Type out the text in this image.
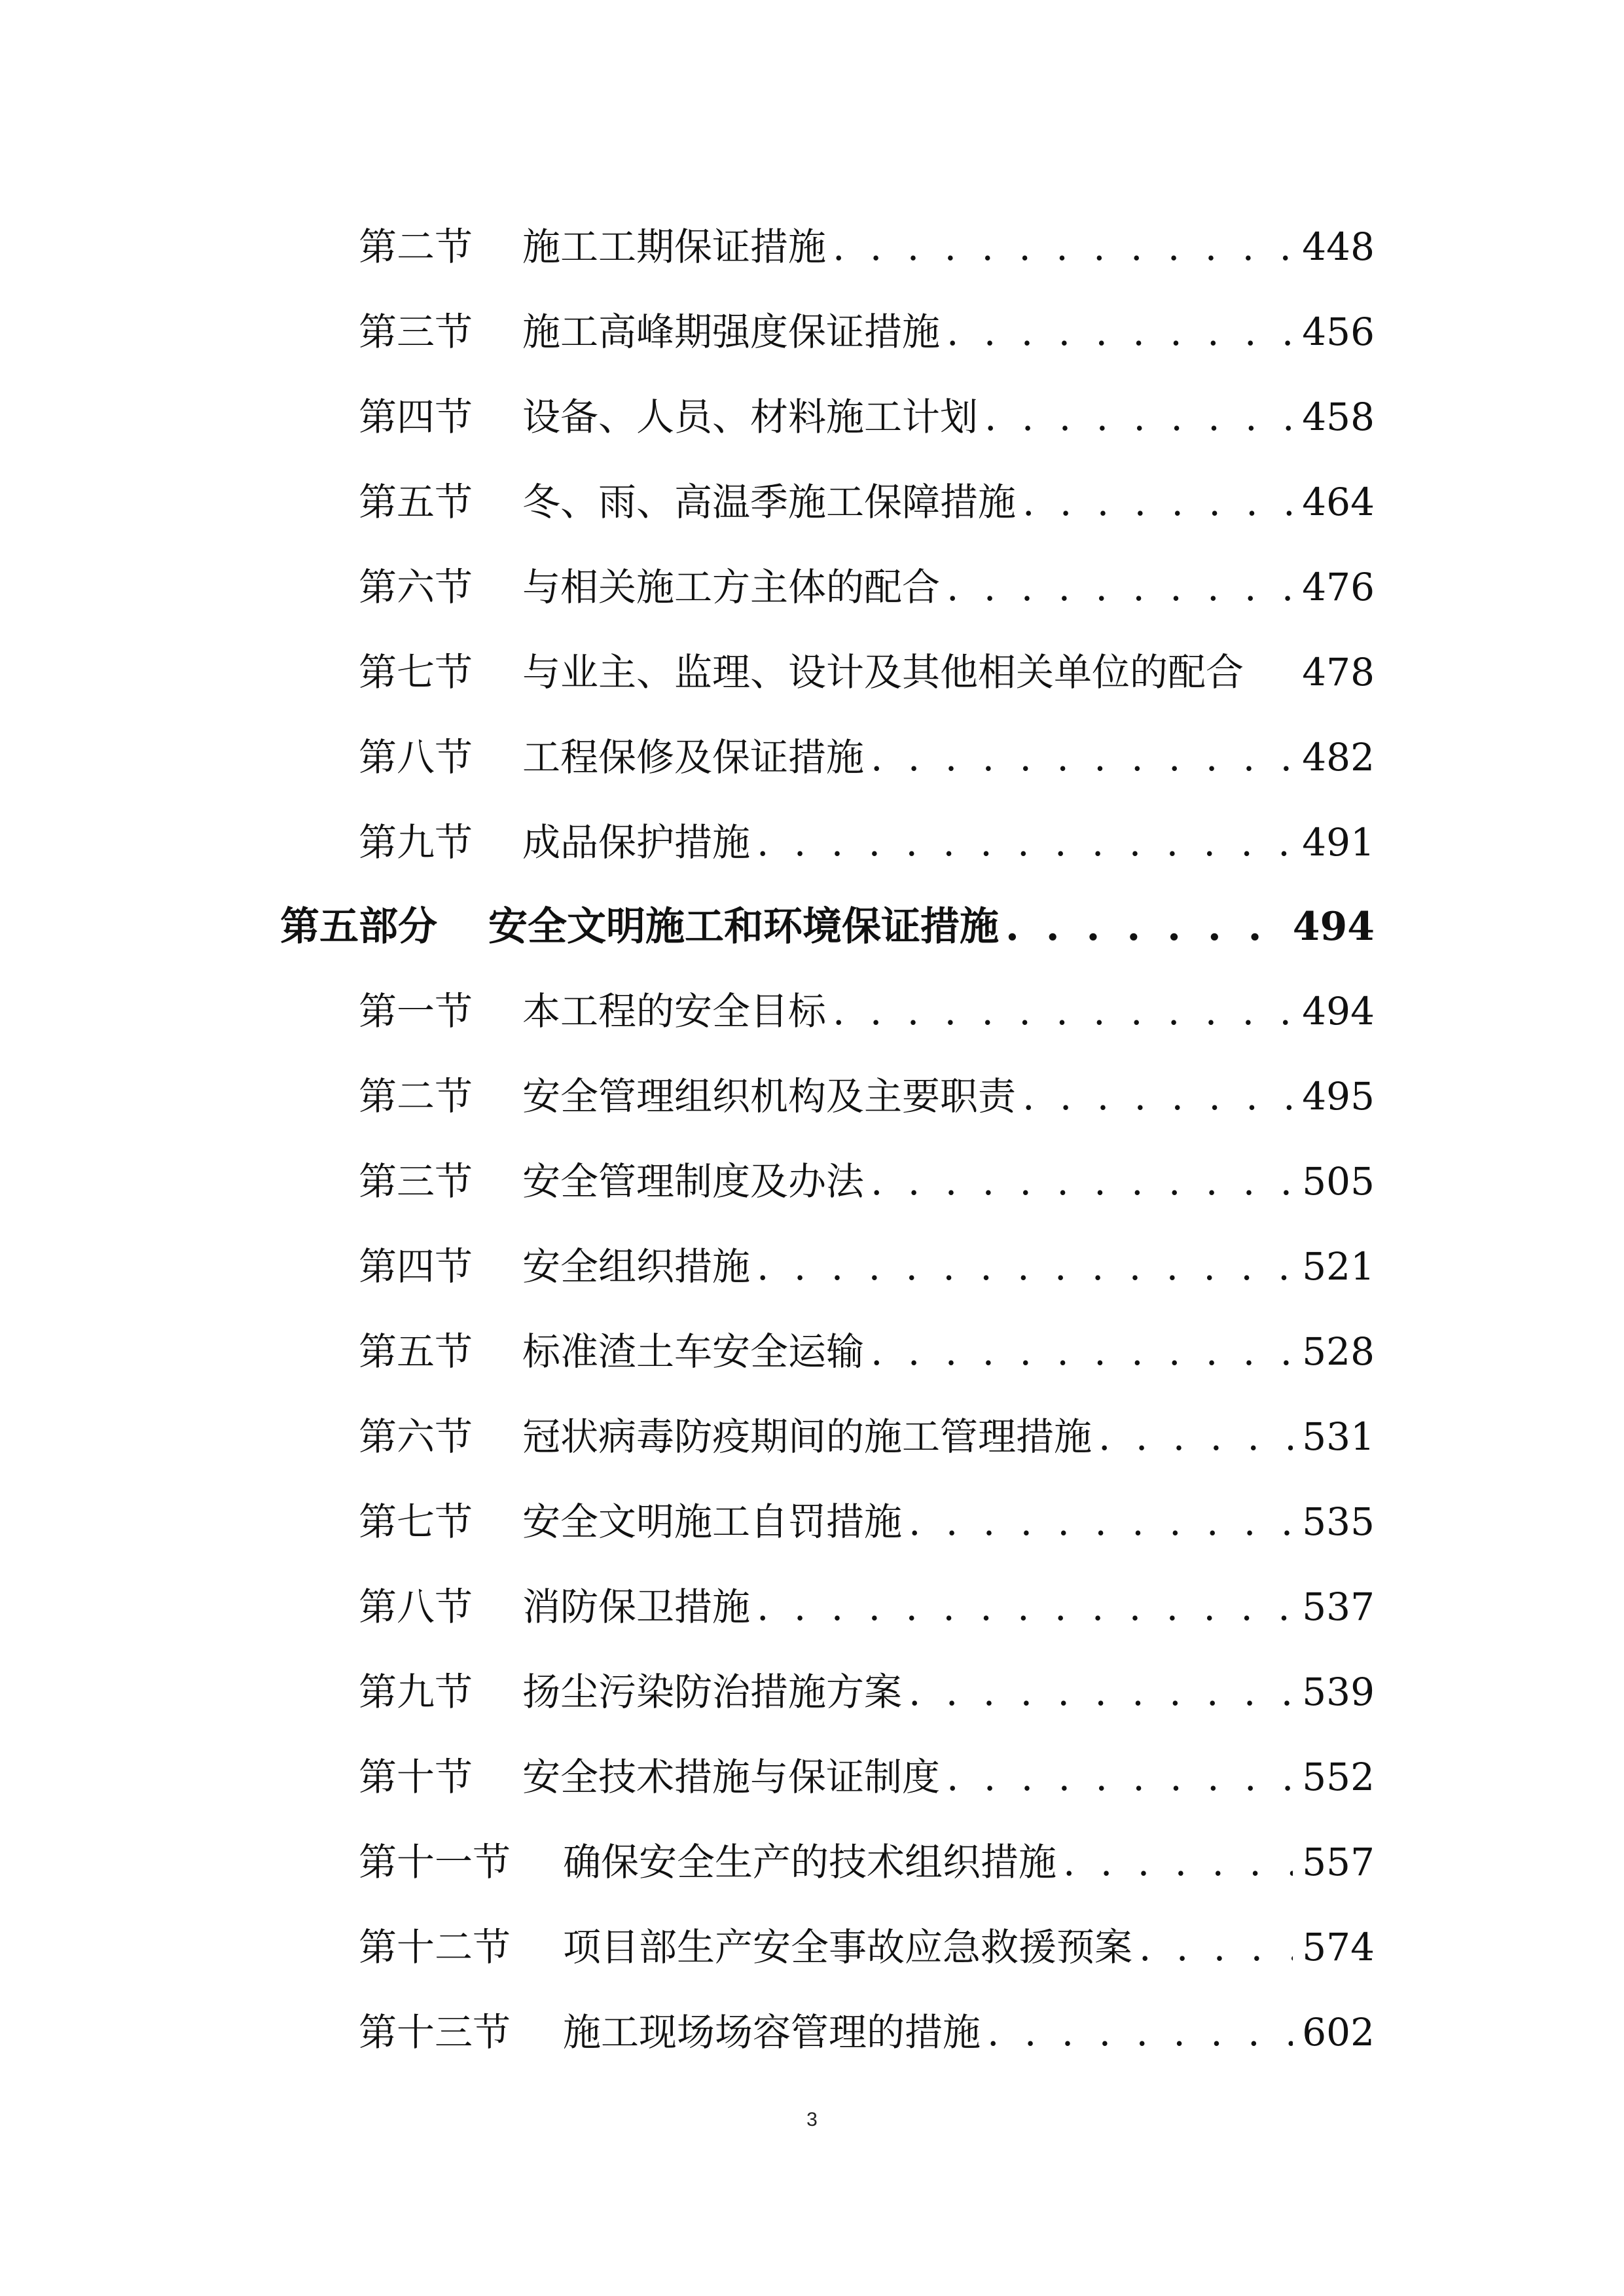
第二节	施工工期保证措施 . . .	448
第三节	施工高峰期强度保证措施 . . .	456
第四节	设备、人员、材料施工计划 . . .	458
第五节	冬、雨、高温季施工保障措施 . . .	464
第六节	与相关施工方主体的配合 . . .	476
第七节	与业主、监理、设计及其他相关单位的配合 478
第八节	工程保修及保证措施 . . .	482
第九节	成品保护措施 . . .	491
第五部分	安全文明施工和环境保证措施 . . .	494
第一节	本工程的安全目标 . . .	494
第二节	安全管理组织机构及主要职责 . . .	495
第三节	安全管理制度及办法 . . .	505
第四节	安全组织措施 . . .	521
第五节	标准渣土车安全运输 . . .	528
第六节	冠状病毒防疫期间的施工管理措施 . . .	531
第七节	安全文明施工自罚措施 . . .	535
第八节	消防保卫措施 . . .	537
第九节	扬尘污染防治措施方案 . . .	539
第十节	安全技术措施与保证制度 . . .	552
第十一节	确保安全生产的技术组织措施 . . .	557
第十二节	项目部生产安全事故应急救援预案 . . .	574
第十三节	施工现场场容管理的措施 . . .	602
3
